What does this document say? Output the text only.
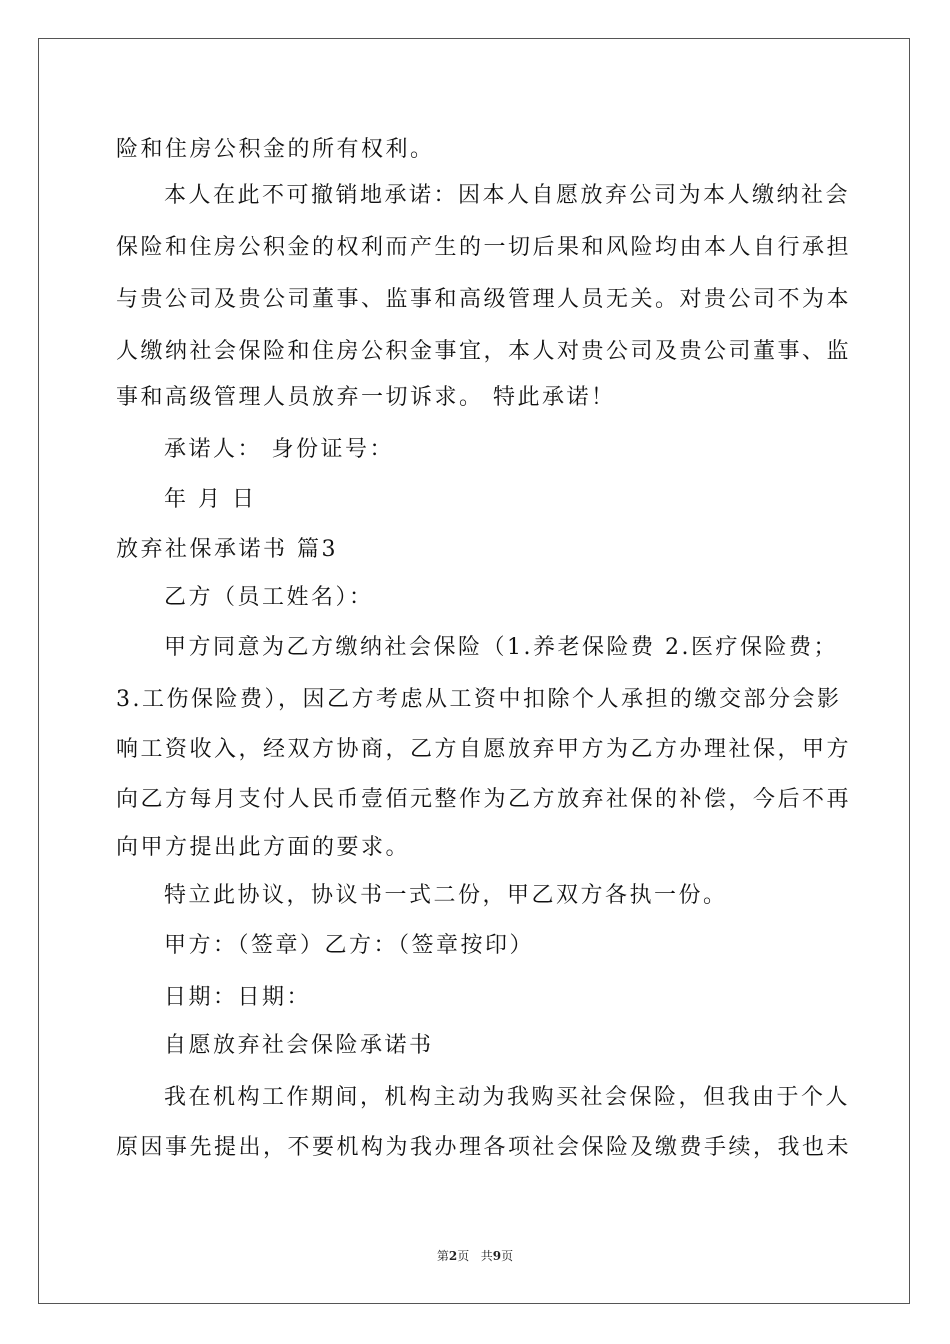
险和住房公积金的所有权利。
本人在此不可撤销地承诺：因本人自愿放弃公司为本人缴纳社会
保险和住房公积金的权利而产生的一切后果和风险均由本人自行承担
与贵公司及贵公司董事、监事和高级管理人员无关。对贵公司不为本
人缴纳社会保险和住房公积金事宜，本人对贵公司及贵公司董事、监
事和高级管理人员放弃一切诉求。 特此承诺！
承诺人： 身份证号：
年 月 日
放弃社保承诺书 篇3
乙方（员工姓名）：
甲方同意为乙方缴纳社会保险（1.养老保险费 2.医疗保险费；
3.工伤保险费），因乙方考虑从工资中扣除个人承担的缴交部分会影
响工资收入，经双方协商，乙方自愿放弃甲方为乙方办理社保，甲方
向乙方每月支付人民币壹佰元整作为乙方放弃社保的补偿，今后不再
向甲方提出此方面的要求。
特立此协议，协议书一式二份，甲乙双方各执一份。
甲方：（签章）乙方：（签章按印）
日期：日期：
自愿放弃社会保险承诺书
我在机构工作期间，机构主动为我购买社会保险，但我由于个人
原因事先提出，不要机构为我办理各项社会保险及缴费手续，我也未
第2页 共9页
